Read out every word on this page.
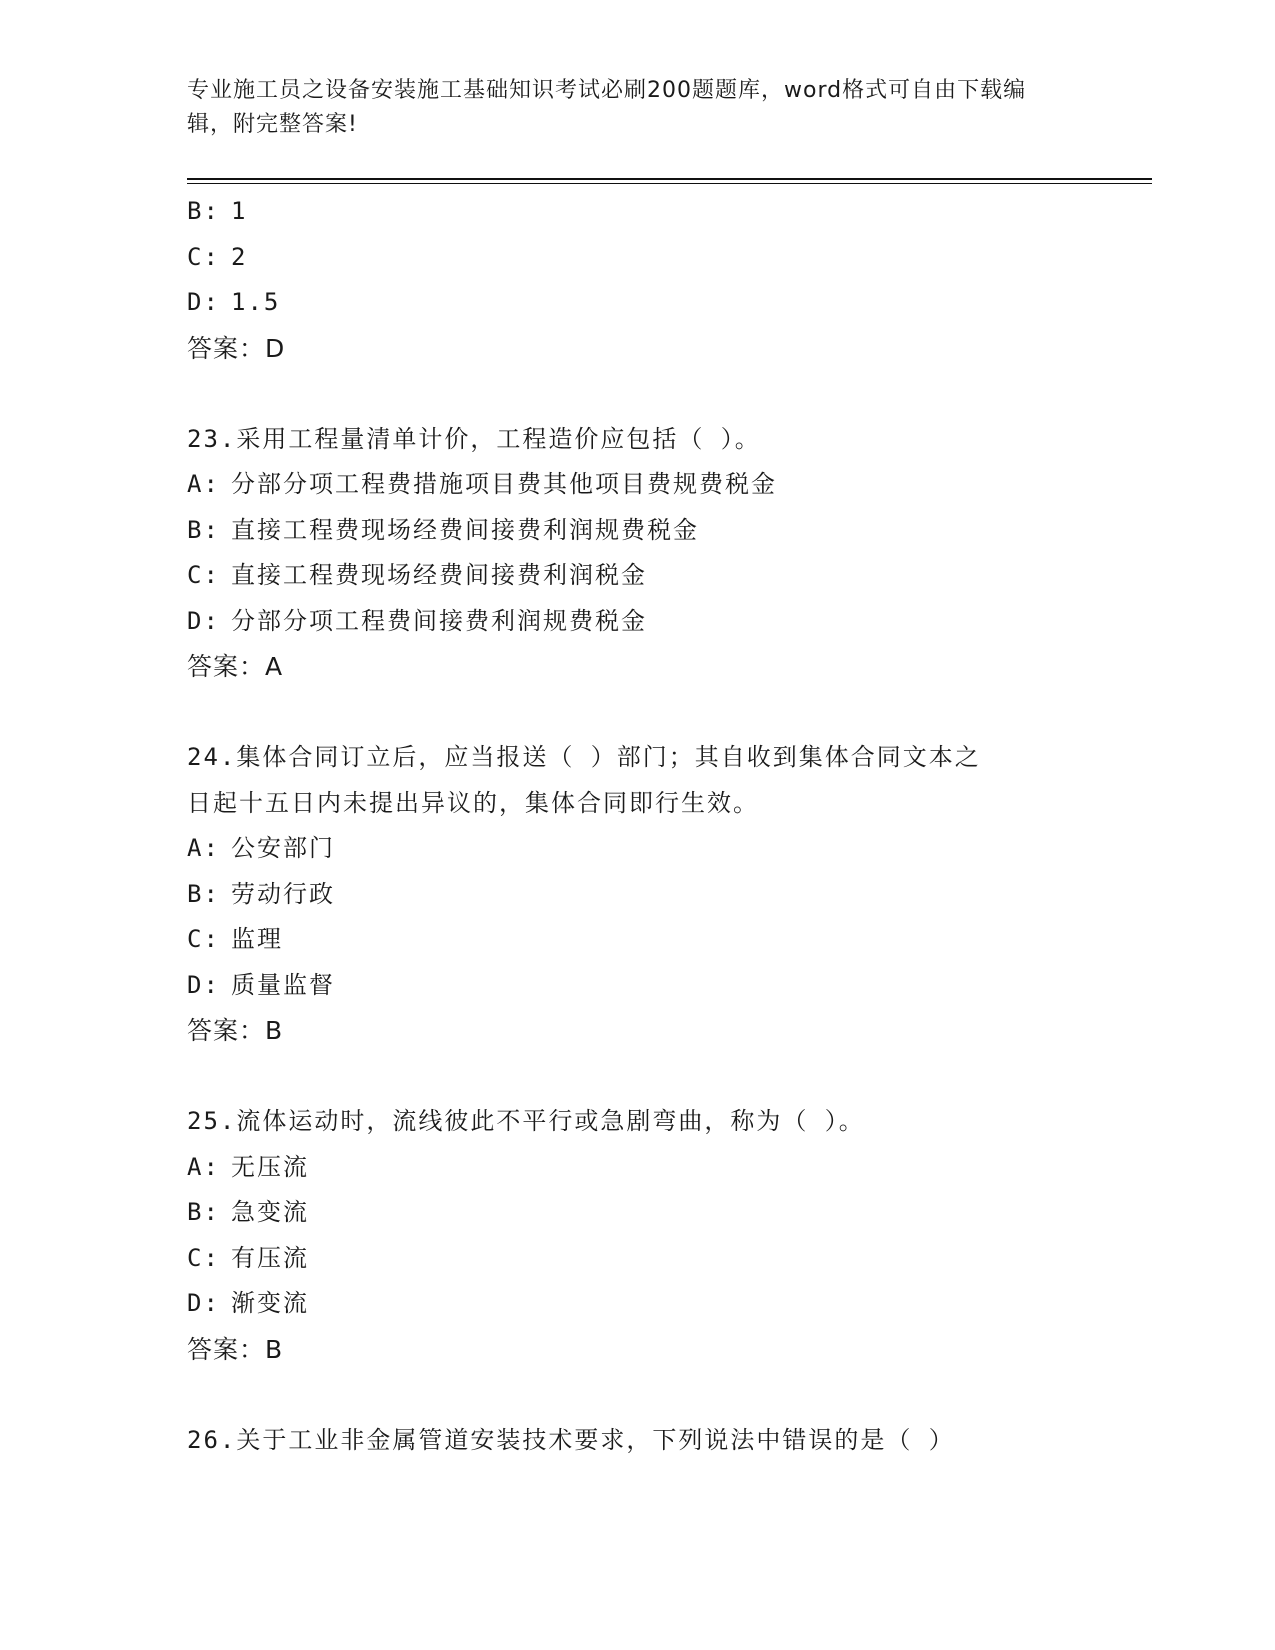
专业施工员之设备安装施工基础知识考试必刷200题题库，word格式可自由下载编辑，附完整答案!
B: 1
C: 2
D: 1.5
答案：D
23.采用工程量清单计价，工程造价应包括（ ）。
A: 分部分项工程费措施项目费其他项目费规费税金
B: 直接工程费现场经费间接费利润规费税金
C: 直接工程费现场经费间接费利润税金
D: 分部分项工程费间接费利润规费税金
答案：A
24.集体合同订立后，应当报送（ ）部门；其自收到集体合同文本之
日起十五日内未提出异议的，集体合同即行生效。
A: 公安部门
B: 劳动行政
C: 监理
D: 质量监督
答案：B
25.流体运动时，流线彼此不平行或急剧弯曲，称为（ ）。
A: 无压流
B: 急变流
C: 有压流
D: 渐变流
答案：B
26.关于工业非金属管道安装技术要求，下列说法中错误的是（ ）
